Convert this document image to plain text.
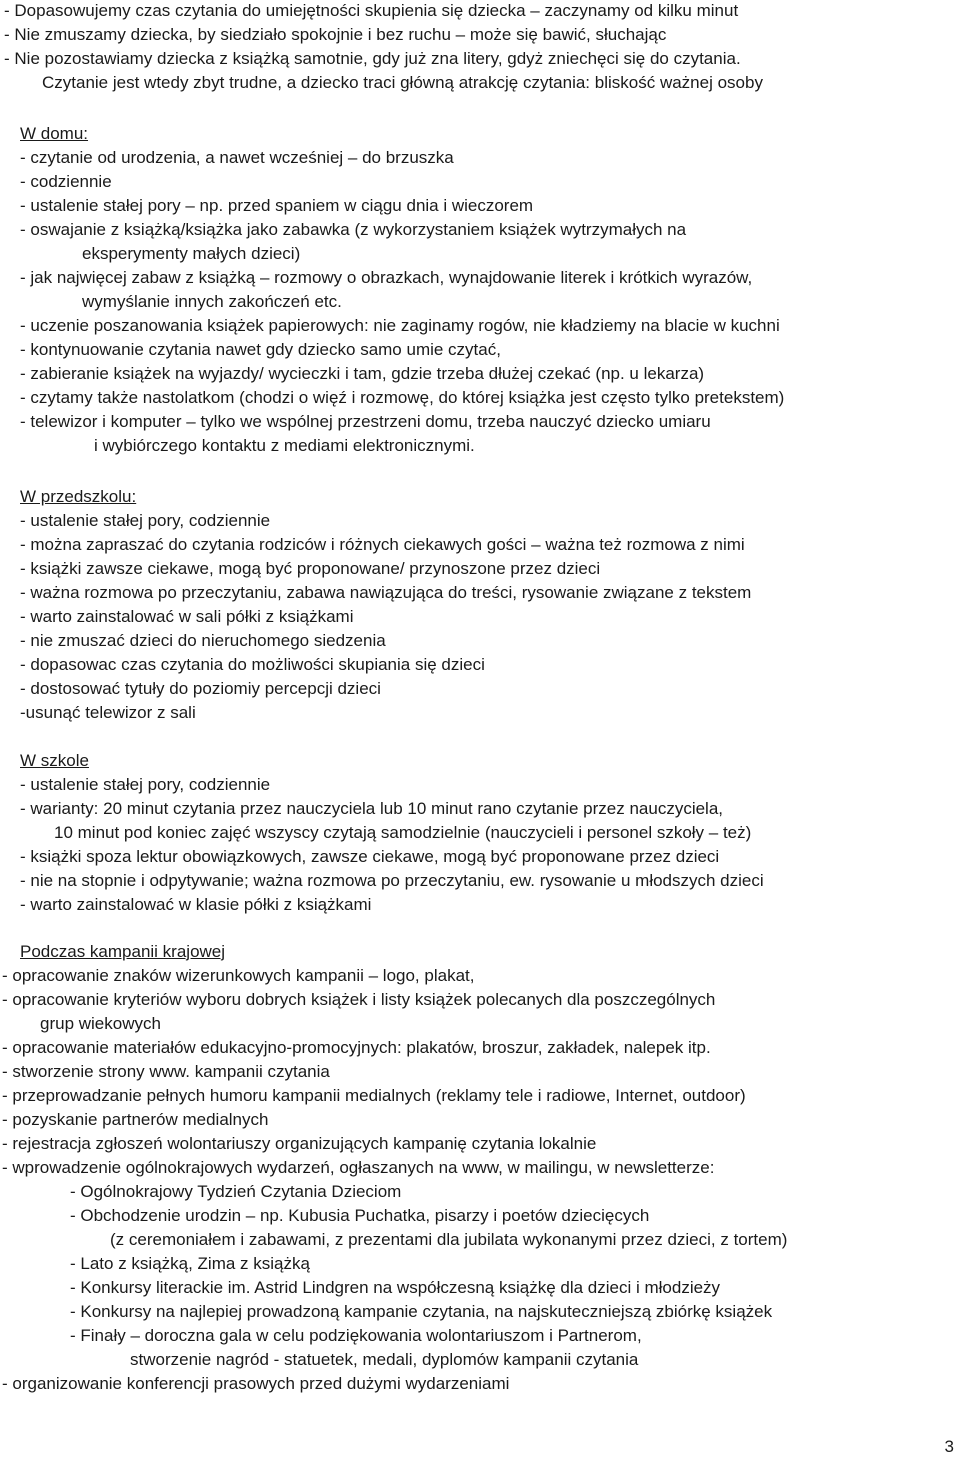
- Dopasowujemy czas czytania do umiejętności skupienia się dziecka – zaczynamy od kilku minut
- Nie zmuszamy dziecka, by siedziało spokojnie i bez ruchu – może się bawić, słuchając
- Nie pozostawiamy dziecka z książką samotnie, gdy już zna litery, gdyż zniechęci się do czytania.
Czytanie jest wtedy zbyt trudne, a dziecko traci główną atrakcję czytania: bliskość ważnej osoby
W domu:
- czytanie od urodzenia, a nawet wcześniej – do brzuszka
- codziennie
- ustalenie stałej pory – np. przed spaniem w ciągu dnia i wieczorem
- oswajanie z książką/książka jako zabawka (z wykorzystaniem książek wytrzymałych na
eksperymenty małych dzieci)
- jak najwięcej zabaw z książką – rozmowy o obrazkach, wynajdowanie literek i krótkich wyrazów,
wymyślanie innych zakończeń etc.
- uczenie poszanowania książek papierowych: nie zaginamy rogów, nie kładziemy na blacie w kuchni
- kontynuowanie czytania nawet gdy dziecko samo umie czytać,
- zabieranie książek na wyjazdy/ wycieczki i tam, gdzie trzeba dłużej czekać (np. u lekarza)
- czytamy także nastolatkom (chodzi o więź i rozmowę, do której książka jest często tylko pretekstem)
- telewizor i komputer – tylko we wspólnej przestrzeni domu, trzeba nauczyć dziecko umiaru
i wybiórczego kontaktu z mediami elektronicznymi.
W przedszkolu:
- ustalenie stałej pory, codziennie
- można zapraszać do czytania rodziców i różnych ciekawych gości – ważna też rozmowa z nimi
- książki zawsze ciekawe, mogą być proponowane/ przynoszone przez dzieci
- ważna rozmowa po przeczytaniu, zabawa nawiązująca do treści, rysowanie związane z tekstem
- warto zainstalować w sali półki z książkami
- nie zmuszać dzieci do nieruchomego siedzenia
- dopasowac czas czytania do możliwości skupiania się dzieci
- dostosować tytuły do poziomiy percepcji dzieci
-usunąć telewizor z sali
W szkole
- ustalenie stałej pory, codziennie
- warianty: 20 minut czytania przez nauczyciela lub 10 minut rano czytanie przez nauczyciela,
10 minut pod koniec zajęć wszyscy czytają samodzielnie (nauczycieli i personel szkoły – też)
- książki spoza lektur obowiązkowych, zawsze ciekawe, mogą być proponowane przez dzieci
- nie na stopnie i odpytywanie; ważna rozmowa po przeczytaniu, ew. rysowanie u młodszych dzieci
- warto zainstalować w klasie półki z książkami
Podczas kampanii krajowej
- opracowanie znaków wizerunkowych kampanii – logo, plakat,
- opracowanie kryteriów wyboru dobrych książek i listy książek polecanych dla poszczególnych
grup wiekowych
- opracowanie materiałów edukacyjno-promocyjnych: plakatów, broszur, zakładek, nalepek itp.
- stworzenie strony www. kampanii czytania
- przeprowadzanie pełnych humoru kampanii medialnych (reklamy tele i radiowe, Internet, outdoor)
- pozyskanie partnerów medialnych
- rejestracja zgłoszeń wolontariuszy organizujących kampanię czytania lokalnie
- wprowadzenie ogólnokrajowych wydarzeń, ogłaszanych na www, w mailingu, w newsletterze:
- Ogólnokrajowy Tydzień Czytania Dzieciom
- Obchodzenie urodzin – np. Kubusia Puchatka, pisarzy i poetów dziecięcych
(z ceremoniałem i zabawami, z prezentami dla jubilata wykonanymi przez dzieci, z tortem)
- Lato z książką, Zima z książką
- Konkursy literackie im. Astrid Lindgren na współczesną książkę dla dzieci i młodzieży
- Konkursy na najlepiej prowadzoną kampanie czytania, na najskuteczniejszą zbiórkę książek
- Finały – doroczna gala w celu podziękowania wolontariuszom i Partnerom,
stworzenie nagród - statuetek, medali, dyplomów kampanii czytania
- organizowanie konferencji prasowych przed dużymi wydarzeniami
3
